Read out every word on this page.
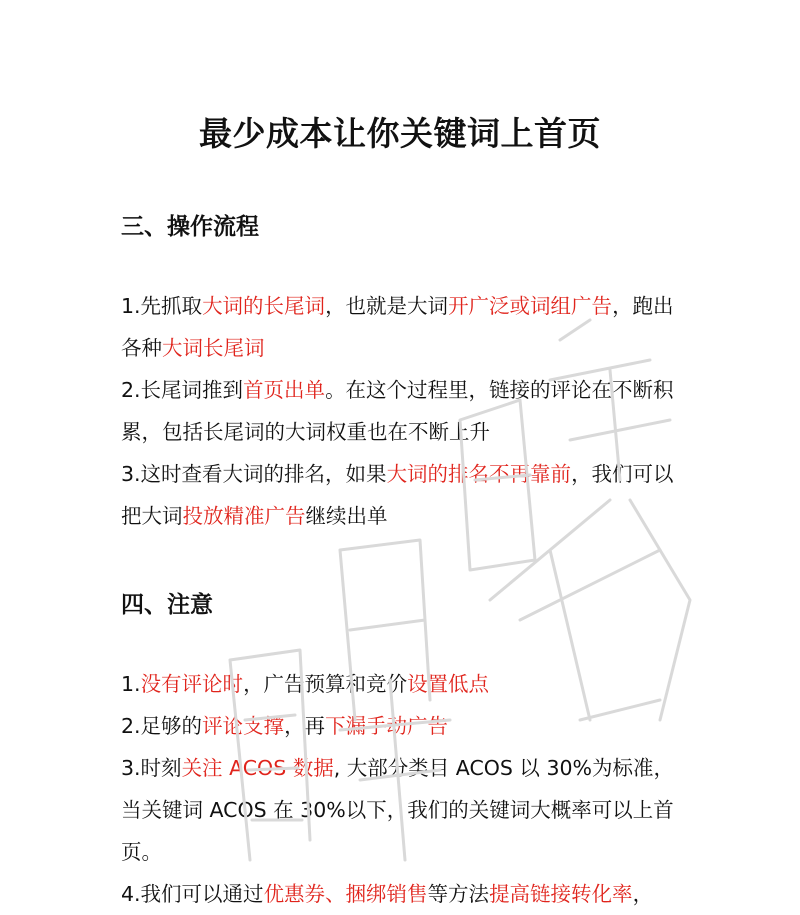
最少成本让你关键词上首页
三、操作流程

1.先抓取大词的长尾词，也就是大词开广泛或词组广告，跑出各种大词长尾词

2.长尾词推到首页出单。在这个过程里，链接的评论在不断积累，包括长尾词的大词权重也在不断上升

3.这时查看大词的排名，如果大词的排名不再靠前，我们可以把大词投放精准广告继续出单

四、注意

1.没有评论时，广告预算和竞价设置低点

2.足够的评论支撑，再下漏手动广告

3.时刻关注 ACOS 数据, 大部分类目 ACOS 以 30%为标准，当关键词 ACOS 在 30%以下，我们的关键词大概率可以上首页。

4.我们可以通过优惠券、捆绑销售等方法提高链接转化率，
